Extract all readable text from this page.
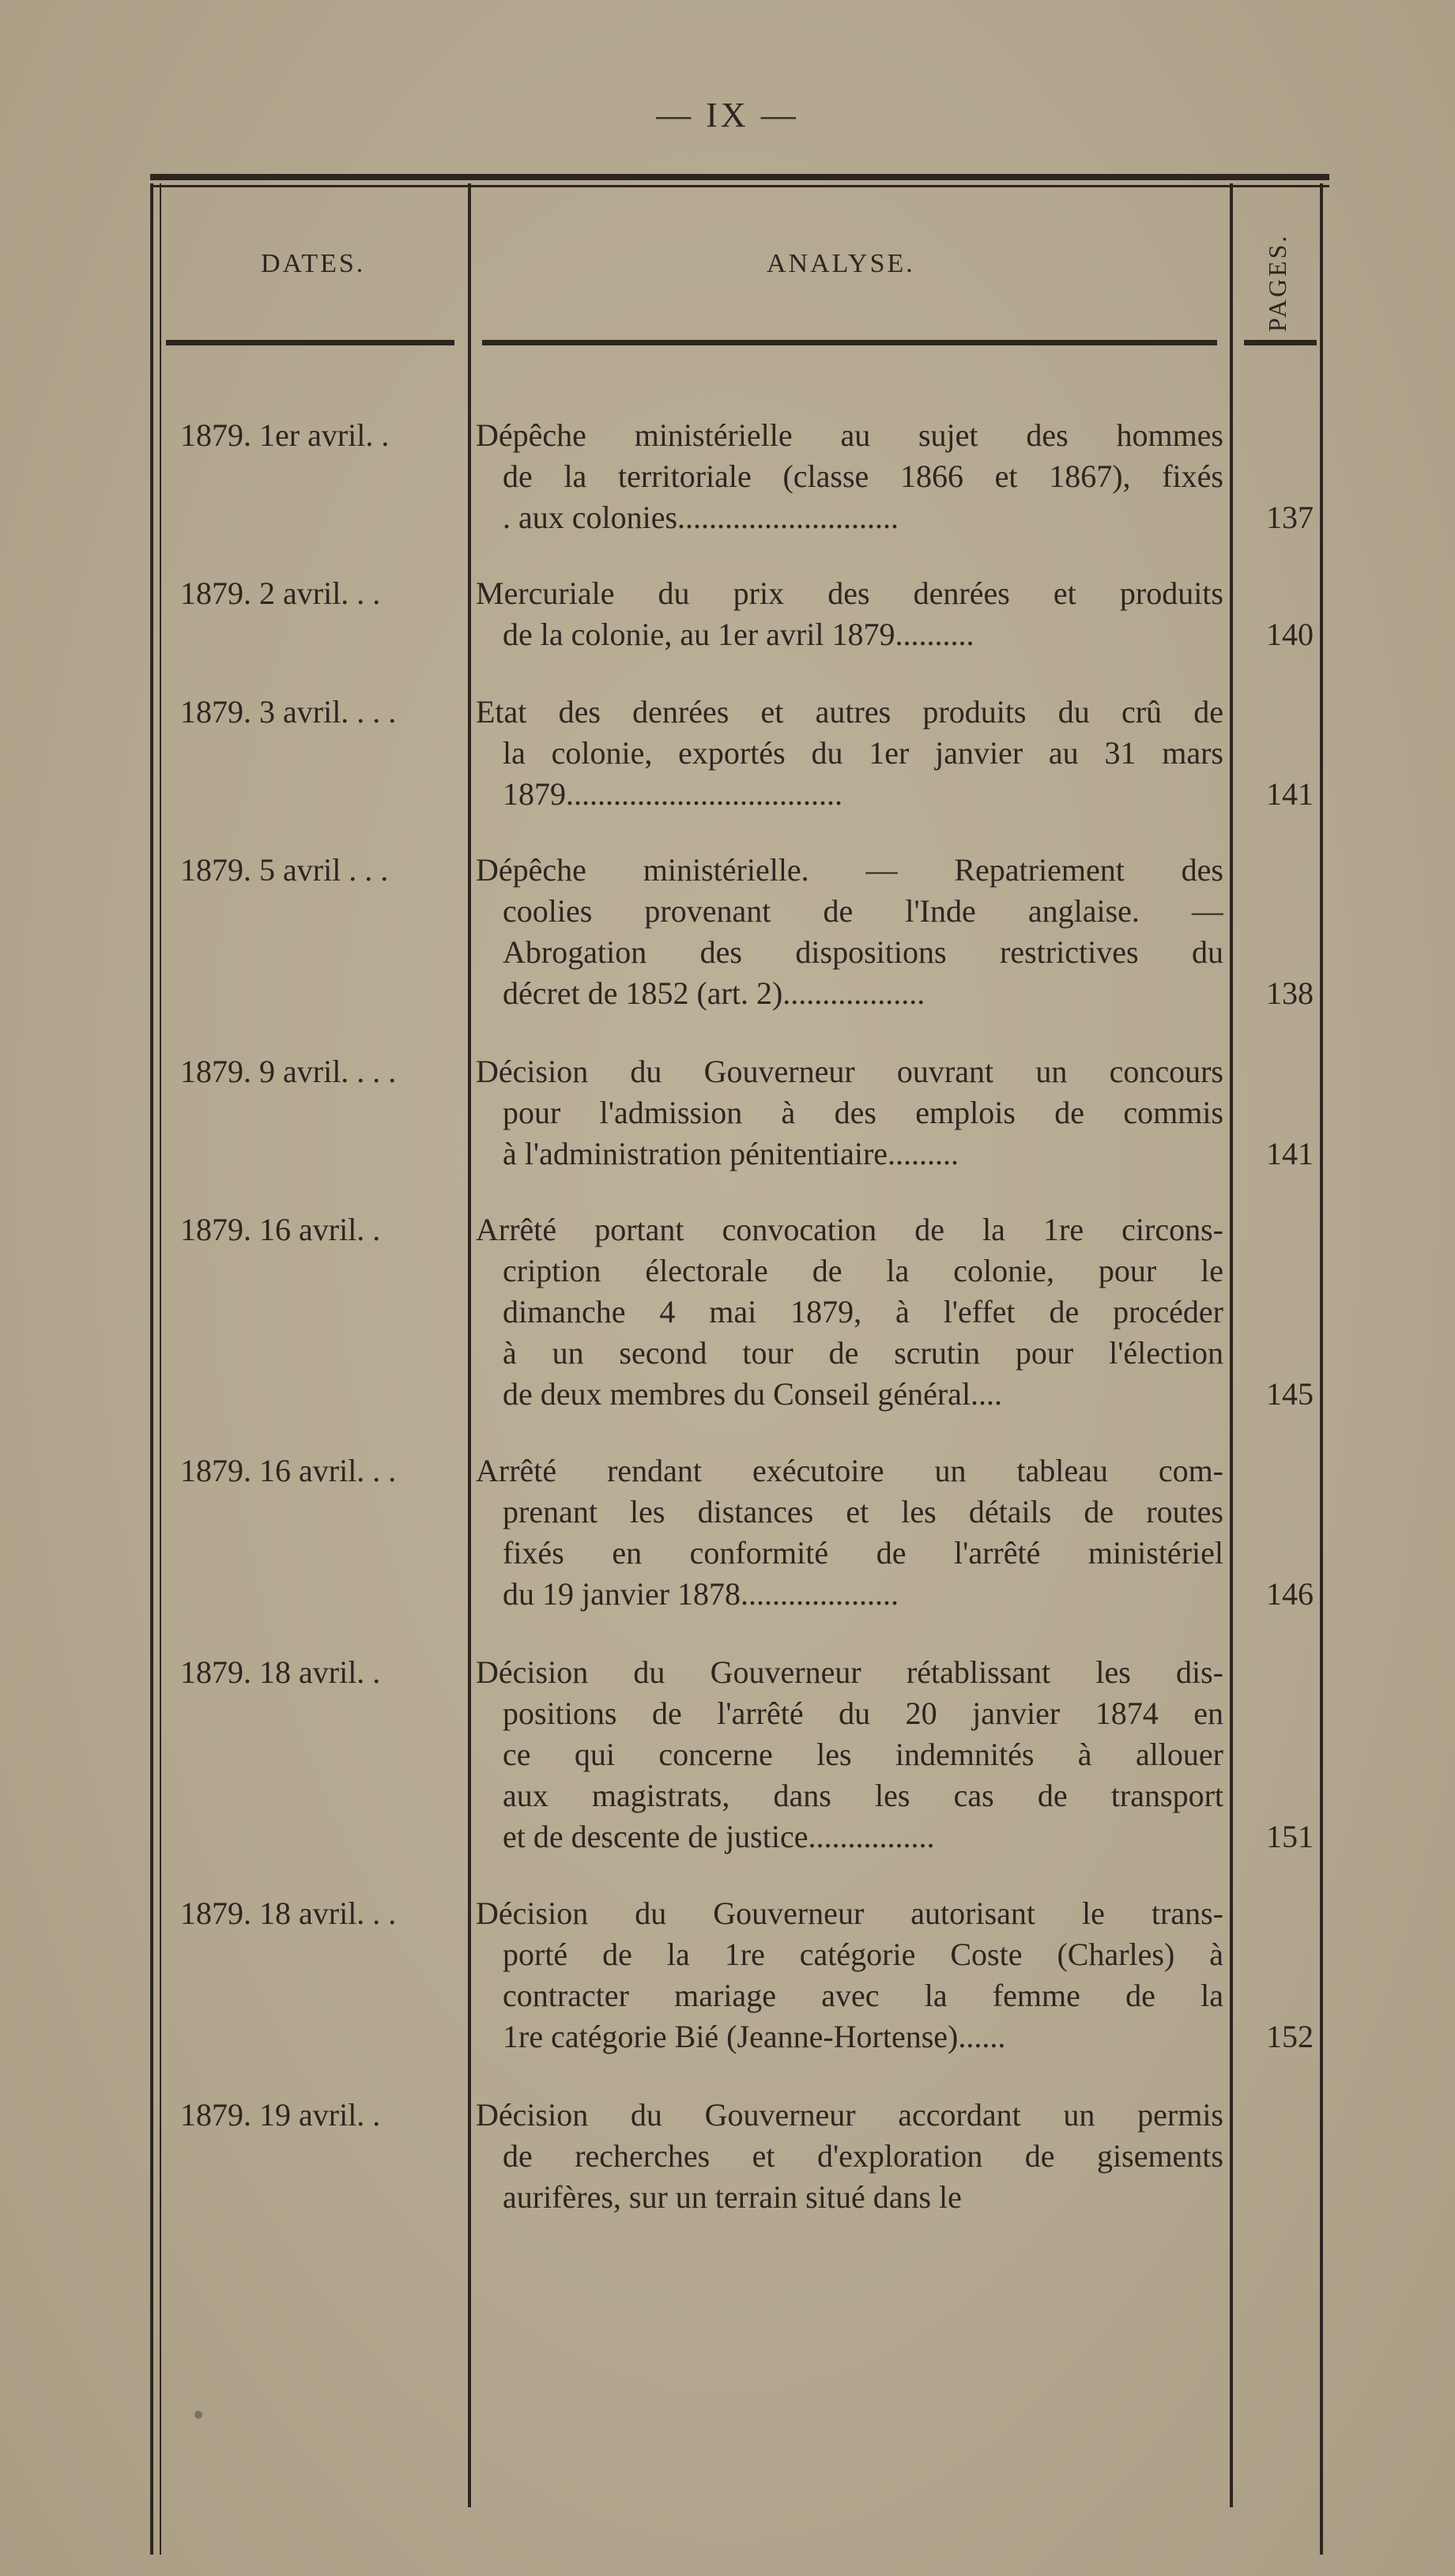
— IX —
DATES.	ANALYSE.	PAGES.
1879. 1er avril. .	Dépêche ministérielle au sujet des hommes
de la territoriale (classe 1866 et 1867), fixés
. aux colonies............................	137
1879. 2 avril. . .	Mercuriale du prix des denrées et produits
de la colonie, au 1er avril 1879..........	140
1879. 3 avril. . . .	Etat des denrées et autres produits du crû de
la colonie, exportés du 1er janvier au 31 mars
1879...................................	141
1879. 5 avril . . .	Dépêche ministérielle. — Repatriement des
coolies provenant de l'Inde anglaise. —
Abrogation des dispositions restrictives du
décret de 1852 (art. 2)..................	138
1879. 9 avril. . . .	Décision du Gouverneur ouvrant un concours
pour l'admission à des emplois de commis
à l'administration pénitentiaire.........	141
1879. 16 avril. .	Arrêté portant convocation de la 1re circons-
cription électorale de la colonie, pour le
dimanche 4 mai 1879, à l'effet de procéder
à un second tour de scrutin pour l'élection
de deux membres du Conseil général....	145
1879. 16 avril. . .	Arrêté rendant exécutoire un tableau com-
prenant les distances et les détails de routes
fixés en conformité de l'arrêté ministériel
du 19 janvier 1878....................	146
1879. 18 avril. .	Décision du Gouverneur rétablissant les dis-
positions de l'arrêté du 20 janvier 1874 en
ce qui concerne les indemnités à allouer
aux magistrats, dans les cas de transport
et de descente de justice................	151
1879. 18 avril. . .	Décision du Gouverneur autorisant le trans-
porté de la 1re catégorie Coste (Charles) à
contracter mariage avec la femme de la
1re catégorie Bié (Jeanne-Hortense)......	152
1879. 19 avril. .	Décision du Gouverneur accordant un permis
de recherches et d'exploration de gisements
aurifères, sur un terrain situé dans le
